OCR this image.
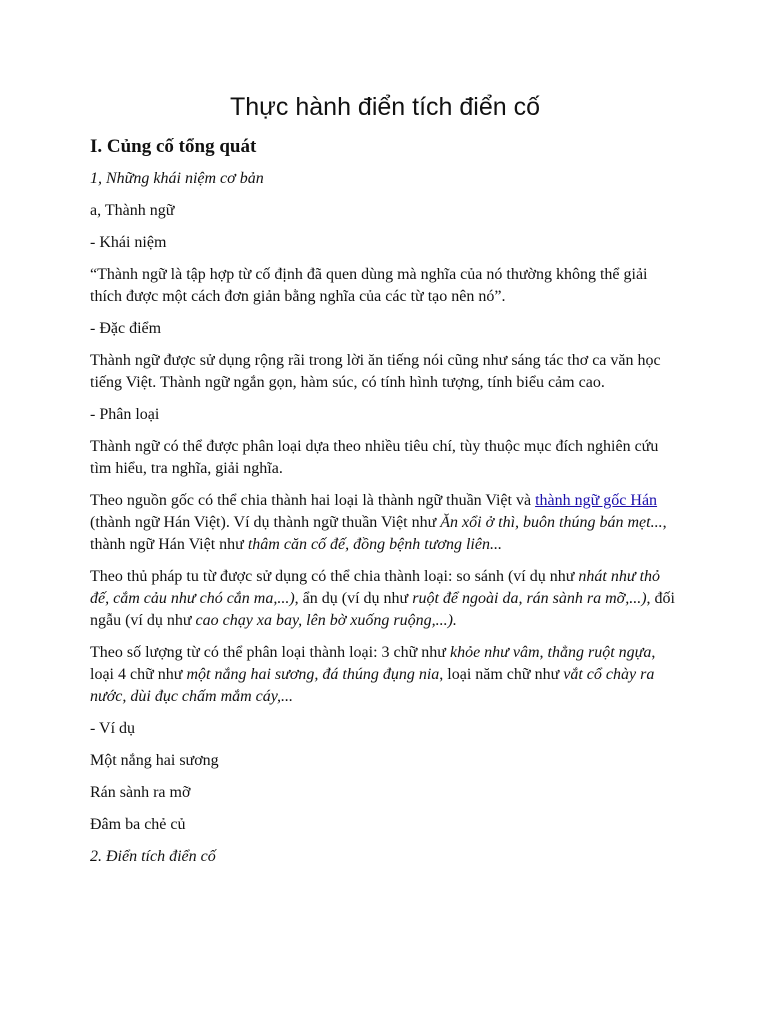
Thực hành điển tích điển cố
I. Củng cố tổng quát

1, Những khái niệm cơ bản

a, Thành ngữ

- Khái niệm

“Thành ngữ là tập hợp từ cố định đã quen dùng mà nghĩa của nó thường không thể giải thích được một cách đơn giản bằng nghĩa của các từ tạo nên nó”.

- Đặc điểm

Thành ngữ được sử dụng rộng rãi trong lời ăn tiếng nói cũng như sáng tác thơ ca văn học tiếng Việt. Thành ngữ ngắn gọn, hàm súc, có tính hình tượng, tính biểu cảm cao.

- Phân loại

Thành ngữ có thể được phân loại dựa theo nhiều tiêu chí, tùy thuộc mục đích nghiên cứu tìm hiểu, tra nghĩa, giải nghĩa.

Theo nguồn gốc có thể chia thành hai loại là thành ngữ thuần Việt và thành ngữ gốc Hán (thành ngữ Hán Việt). Ví dụ thành ngữ thuần Việt như Ăn xổi ở thì, buôn thúng bán mẹt..., thành ngữ Hán Việt như thâm căn cố đế, đồng bệnh tương liên...

Theo thủ pháp tu từ được sử dụng có thể chia thành loại: so sánh (ví dụ như nhát như thỏ đế, cắm cảu như chó cắn ma,...), ẩn dụ (ví dụ như ruột để ngoài da, rán sành ra mỡ,...), đối ngẫu (ví dụ như cao chạy xa bay, lên bờ xuống ruộng,...).

Theo số lượng từ có thể phân loại thành loại: 3 chữ như khỏe như vâm, thẳng ruột ngựa, loại 4 chữ như một nắng hai sương, đá thúng đụng nia, loại năm chữ như vắt cổ chày ra nước, dùi đục chấm mắm cáy,...

- Ví dụ

Một nắng hai sương

Rán sành ra mỡ

Đâm ba chẻ củ

2. Điển tích điển cố
